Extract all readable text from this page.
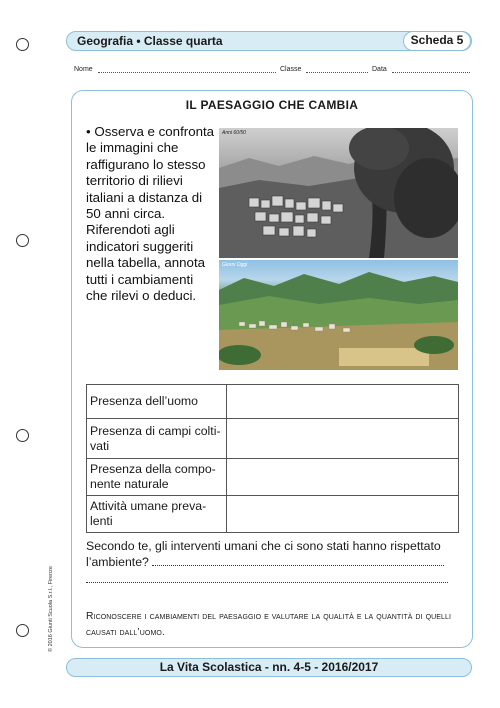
Geografia • Classe quarta	Scheda 5
Nome	Classe	Data
IL PAESAGGIO CHE CAMBIA
• Osserva e confronta le immagini che raffigurano lo stesso territorio di rilievi italiani a distanza di 50 anni circa. Riferendoti agli indicatori suggeriti nella tabella, annota tutti i cambiamenti che rilevi o deduci.
Anni 60/50
Giorni Oggi
Presenza dell’uomo	
Presenza di campi colti-vati	
Presenza della compo-nente naturale	
Attività umane preva-lenti	
Secondo te, gli interventi umani che ci sono stati hanno rispettato
l’ambiente?
Riconoscere i cambiamenti del paesaggio e valutare la qualità e la quantità di quelli causati dall’uomo.
© 2016 Giunti Scuola S.r.l., Firenze
La Vita Scolastica - nn. 4-5 - 2016/2017
